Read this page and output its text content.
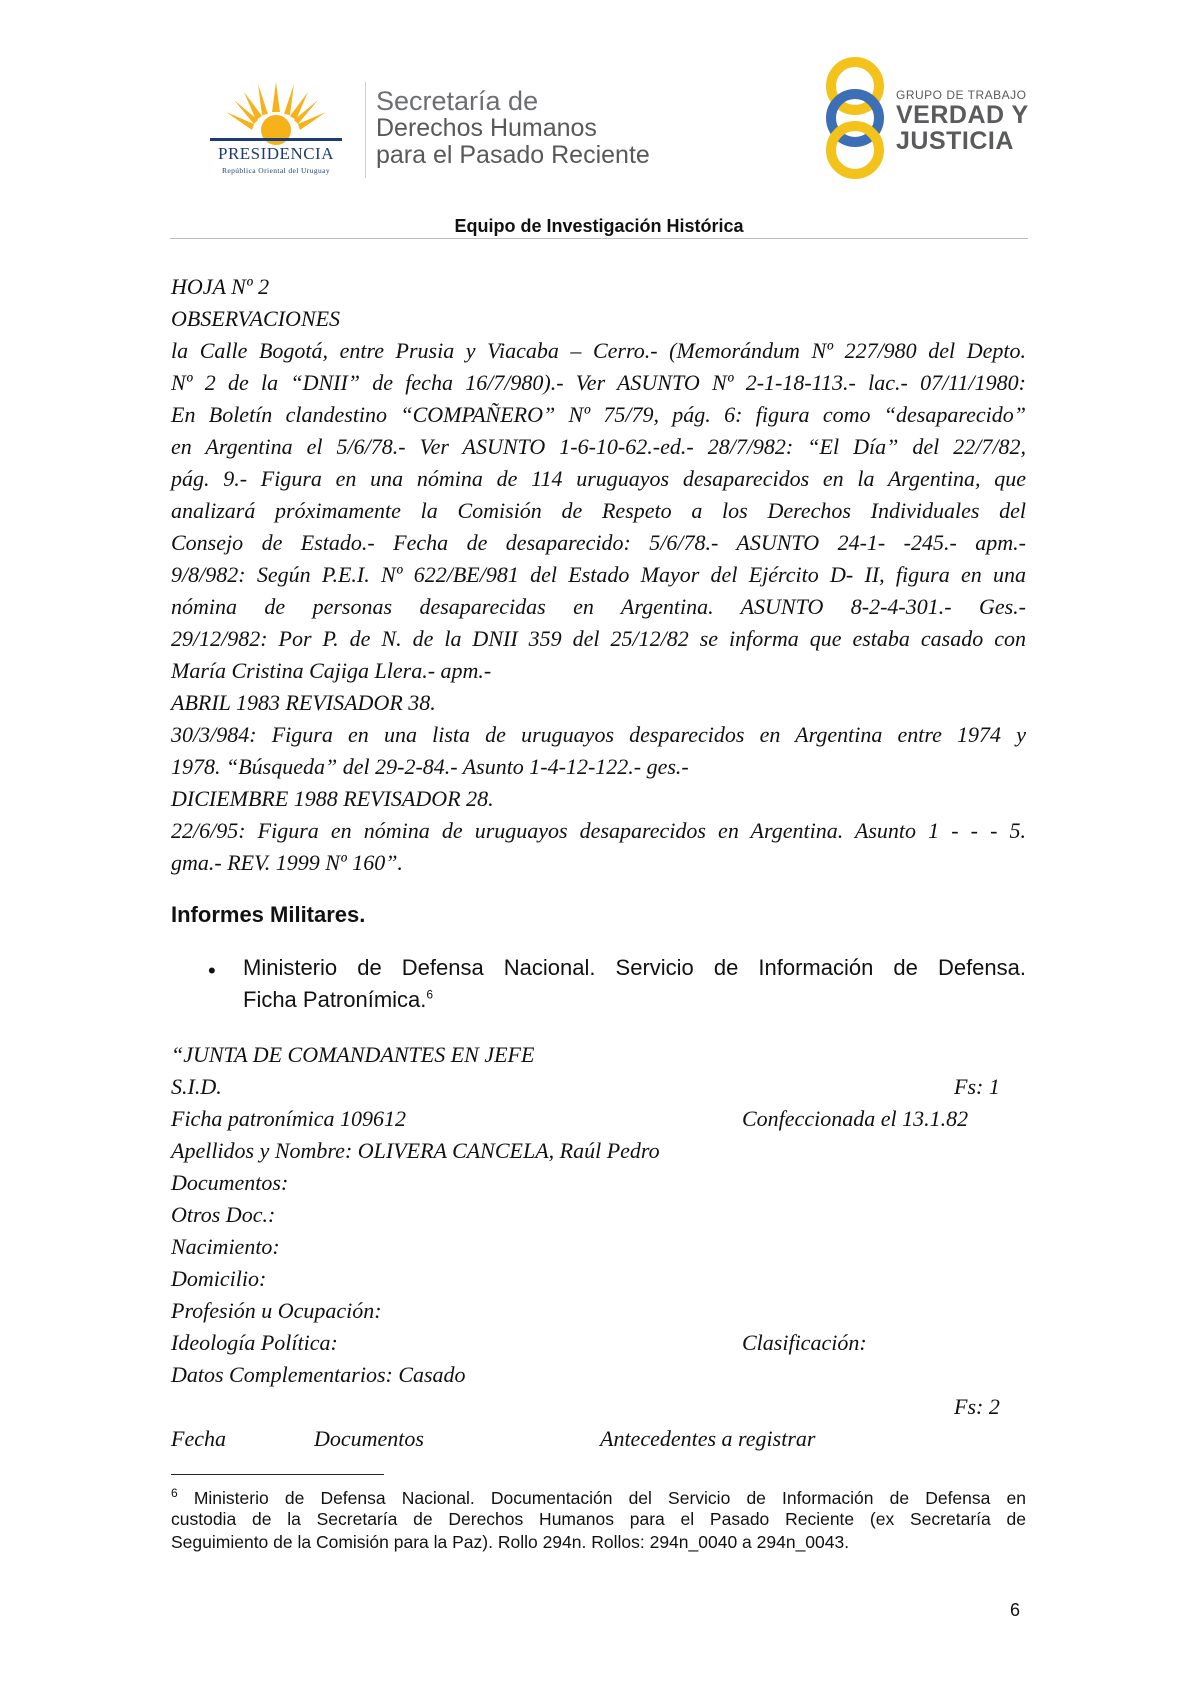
PRESIDENCIA
República Oriental del Uruguay
Secretaría de
Derechos Humanos
para el Pasado Reciente
GRUPO DE TRABAJO
VERDAD Y
JUSTICIA
Equipo de Investigación Histórica
HOJA Nº 2
OBSERVACIONES
la Calle Bogotá, entre Prusia y Viacaba – Cerro.- (Memorándum Nº 227/980 del Depto.
Nº 2 de la “DNII” de fecha 16/7/980).- Ver ASUNTO Nº 2-1-18-113.- lac.- 07/11/1980:
En Boletín clandestino “COMPAÑERO” Nº 75/79, pág. 6: figura como “desaparecido”
en Argentina el 5/6/78.- Ver ASUNTO 1-6-10-62.-ed.- 28/7/982: “El Día” del 22/7/82,
pág. 9.- Figura en una nómina de 114 uruguayos desaparecidos en la Argentina, que
analizará próximamente la Comisión de Respeto a los Derechos Individuales del
Consejo de Estado.- Fecha de desaparecido: 5/6/78.- ASUNTO 24-1- -245.- apm.-
9/8/982: Según P.E.I. Nº 622/BE/981 del Estado Mayor del Ejército D- II, figura en una
nómina de personas desaparecidas en Argentina. ASUNTO 8-2-4-301.- Ges.-
29/12/982: Por P. de N. de la DNII 359 del 25/12/82 se informa que estaba casado con
María Cristina Cajiga Llera.- apm.-
ABRIL 1983 REVISADOR 38.
30/3/984: Figura en una lista de uruguayos desparecidos en Argentina entre 1974 y
1978. “Búsqueda” del 29-2-84.- Asunto 1-4-12-122.- ges.-
DICIEMBRE 1988 REVISADOR 28.
22/6/95: Figura en nómina de uruguayos desaparecidos en Argentina. Asunto 1 - - - 5.
gma.- REV. 1999 Nº 160”.
Informes Militares.
• Ministerio de Defensa Nacional. Servicio de Información de Defensa.
Ficha Patronímica.$^6$
“JUNTA DE COMANDANTES EN JEFE
S.I.D.	Fs: 1
Ficha patronímica 109612	Confeccionada el 13.1.82
Apellidos y Nombre: OLIVERA CANCELA, Raúl Pedro
Documentos:
Otros Doc.:
Nacimiento:
Domicilio:
Profesión u Ocupación:
Ideología Política:	Clasificación:
Datos Complementarios: Casado
Fs: 2
Fecha	Documentos	Antecedentes a registrar
$^6$ Ministerio de Defensa Nacional. Documentación del Servicio de Información de Defensa en
custodia de la Secretaría de Derechos Humanos para el Pasado Reciente (ex Secretaría de
Seguimiento de la Comisión para la Paz). Rollo 294n. Rollos: 294n_0040 a 294n_0043.
6
